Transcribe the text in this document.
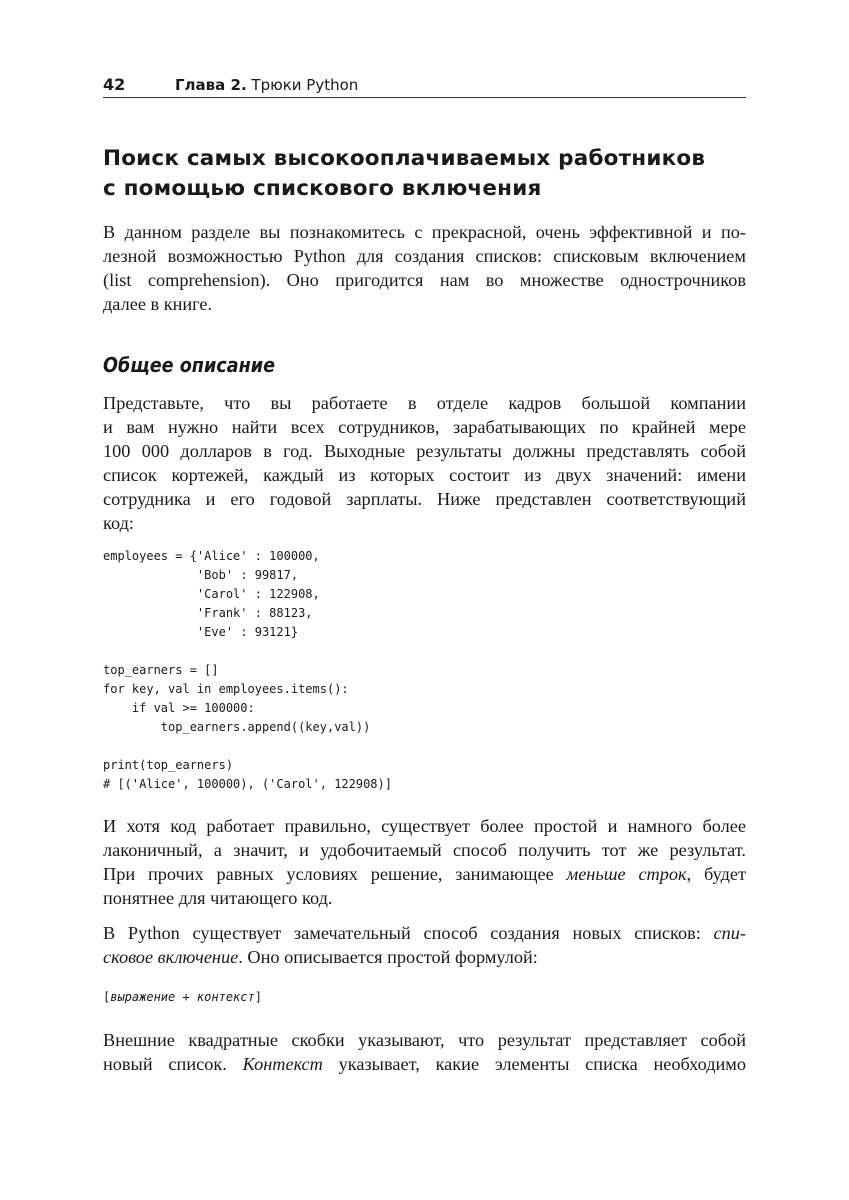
42	Глава 2. Трюки Python
Поиск самых высокооплачиваемых работников
с помощью спискового включения
В данном разделе вы познакомитесь с прекрасной, очень эффективной и по-
лезной возможностью Python для создания списков: списковым включением
(list comprehension). Оно пригодится нам во множестве однострочников
далее в книге.
Общее описание
Представьте, что вы работаете в отделе кадров большой компании
и вам нужно найти всех сотрудников, зарабатывающих по крайней мере
100 000 долларов в год. Выходные результаты должны представлять собой
список кортежей, каждый из которых состоит из двух значений: имени
сотрудника и его годовой зарплаты. Ниже представлен соответствующий
код:
employees = {'Alice' : 100000,
'Bob' : 99817,
'Carol' : 122908,
'Frank' : 88123,
'Eve' : 93121}

top_earners = []
for key, val in employees.items():
if val >= 100000:
top_earners.append((key,val))

print(top_earners)
# [('Alice', 100000), ('Carol', 122908)]
И хотя код работает правильно, существует более простой и намного более
лаконичный, а значит, и удобочитаемый способ получить тот же результат.
При прочих равных условиях решение, занимающее меньше строк, будет
понятнее для читающего код.
В Python существует замечательный способ создания новых списков: спи-
сковое включение. Оно описывается простой формулой:
[выражение + контекст]
Внешние квадратные скобки указывают, что результат представляет собой
новый список. Контекст указывает, какие элементы списка необходимо
